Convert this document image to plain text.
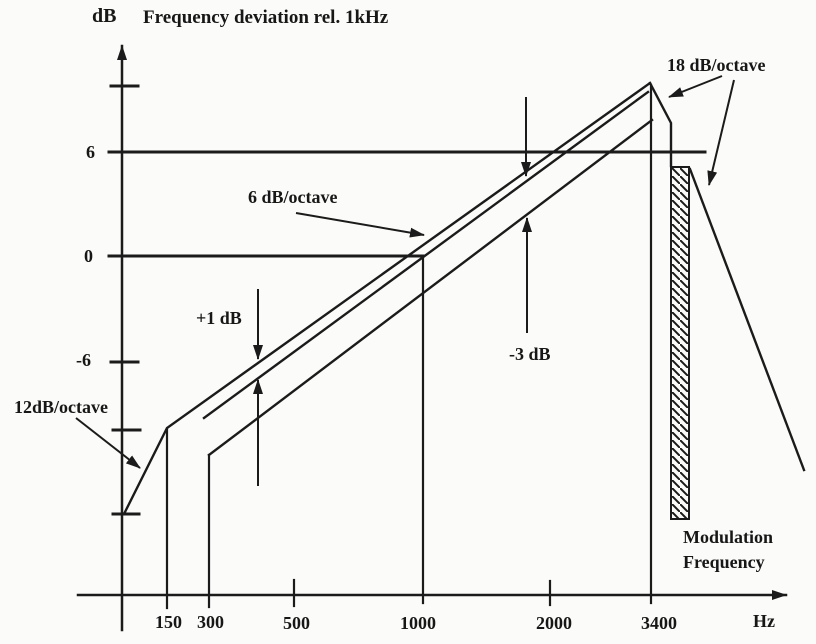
dB Frequency deviation rel. 1kHz
18 dB/octave
6 dB/octave
12dB/octave
+1 dB
-3 dB
Modulation
Frequency
6
0
-6
150 300	500	1000	2000	3400	Hz
